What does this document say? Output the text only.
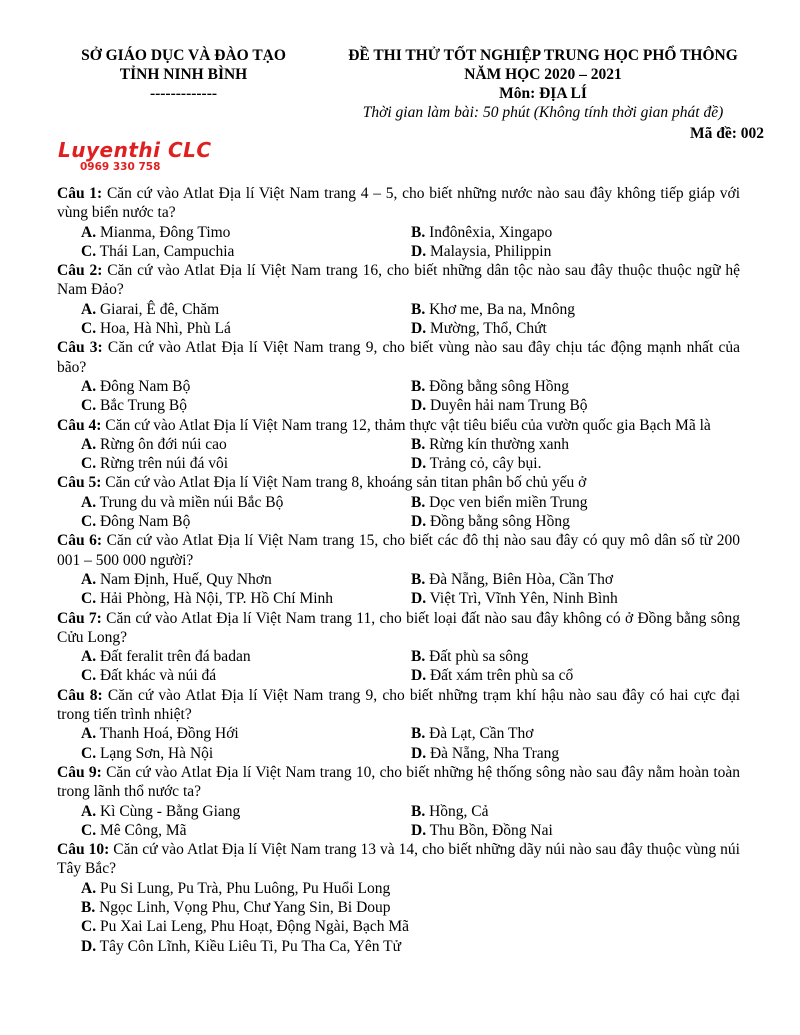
SỞ GIÁO DỤC VÀ ĐÀO TẠO
TỈNH NINH BÌNH
-------------
ĐỀ THI THỬ TỐT NGHIỆP TRUNG HỌC PHỔ THÔNG
NĂM HỌC 2020 – 2021
Môn: ĐỊA LÍ
Thời gian làm bài: 50 phút (Không tính thời gian phát đề)
Mã đề: 002
Luyenthi CLC
0969 330 758
Câu 1: Căn cứ vào Atlat Địa lí Việt Nam trang 4 – 5, cho biết những nước nào sau đây không tiếp giáp với vùng biển nước ta?
A. Mianma, Đông Timo	B. Inđônêxia, Xingapo
C. Thái Lan, Campuchia	D. Malaysia, Philippin
Câu 2: Căn cứ vào Atlat Địa lí Việt Nam trang 16, cho biết những dân tộc nào sau đây thuộc thuộc ngữ hệ Nam Đảo?
A. Giarai, Ê đê, Chăm	B. Khơ me, Ba na, Mnông
C. Hoa, Hà Nhì, Phù Lá	D. Mường, Thổ, Chứt
Câu 3: Căn cứ vào Atlat Địa lí Việt Nam trang 9, cho biết vùng nào sau đây chịu tác động mạnh nhất của bão?
A. Đông Nam Bộ	B. Đồng bằng sông Hồng
C. Bắc Trung Bộ	D. Duyên hải nam Trung Bộ
Câu 4: Căn cứ vào Atlat Địa lí Việt Nam trang 12, thảm thực vật tiêu biểu của vườn quốc gia Bạch Mã là
A. Rừng ôn đới núi cao	B. Rừng kín thường xanh
C. Rừng trên núi đá vôi	D. Trảng cỏ, cây bụi.
Câu 5: Căn cứ vào Atlat Địa lí Việt Nam trang 8, khoáng sản titan phân bố chủ yếu ở
A. Trung du và miền núi Bắc Bộ	B. Dọc ven biển miền Trung
C. Đông Nam Bộ	D. Đồng bằng sông Hồng
Câu 6: Căn cứ vào Atlat Địa lí Việt Nam trang 15, cho biết các đô thị nào sau đây có quy mô dân số từ 200 001 – 500 000 người?
A. Nam Định, Huế, Quy Nhơn	B. Đà Nẵng, Biên Hòa, Cần Thơ
C. Hải Phòng, Hà Nội, TP. Hồ Chí Minh	D. Việt Trì, Vĩnh Yên, Ninh Bình
Câu 7: Căn cứ vào Atlat Địa lí Việt Nam trang 11, cho biết loại đất nào sau đây không có ở Đồng bằng sông Cửu Long?
A. Đất feralit trên đá badan	B. Đất phù sa sông
C. Đất khác và núi đá	D. Đất xám trên phù sa cổ
Câu 8: Căn cứ vào Atlat Địa lí Việt Nam trang 9, cho biết những trạm khí hậu nào sau đây có hai cực đại trong tiến trình nhiệt?
A. Thanh Hoá, Đồng Hới	B. Đà Lạt, Cần Thơ
C. Lạng Sơn, Hà Nội	D. Đà Nẵng, Nha Trang
Câu 9: Căn cứ vào Atlat Địa lí Việt Nam trang 10, cho biết những hệ thống sông nào sau đây nằm hoàn toàn trong lãnh thổ nước ta?
A. Kì Cùng - Bằng Giang	B. Hồng, Cả
C. Mê Công, Mã	D. Thu Bồn, Đồng Nai
Câu 10: Căn cứ vào Atlat Địa lí Việt Nam trang 13 và 14, cho biết những dãy núi nào sau đây thuộc vùng núi Tây Bắc?
A. Pu Si Lung, Pu Trà, Phu Luông, Pu Huổi Long
B. Ngọc Linh, Vọng Phu, Chư Yang Sin, Bi Doup
C. Pu Xai Lai Leng, Phu Hoạt, Động Ngài, Bạch Mã
D. Tây Côn Lĩnh, Kiều Liêu Ti, Pu Tha Ca, Yên Tử
